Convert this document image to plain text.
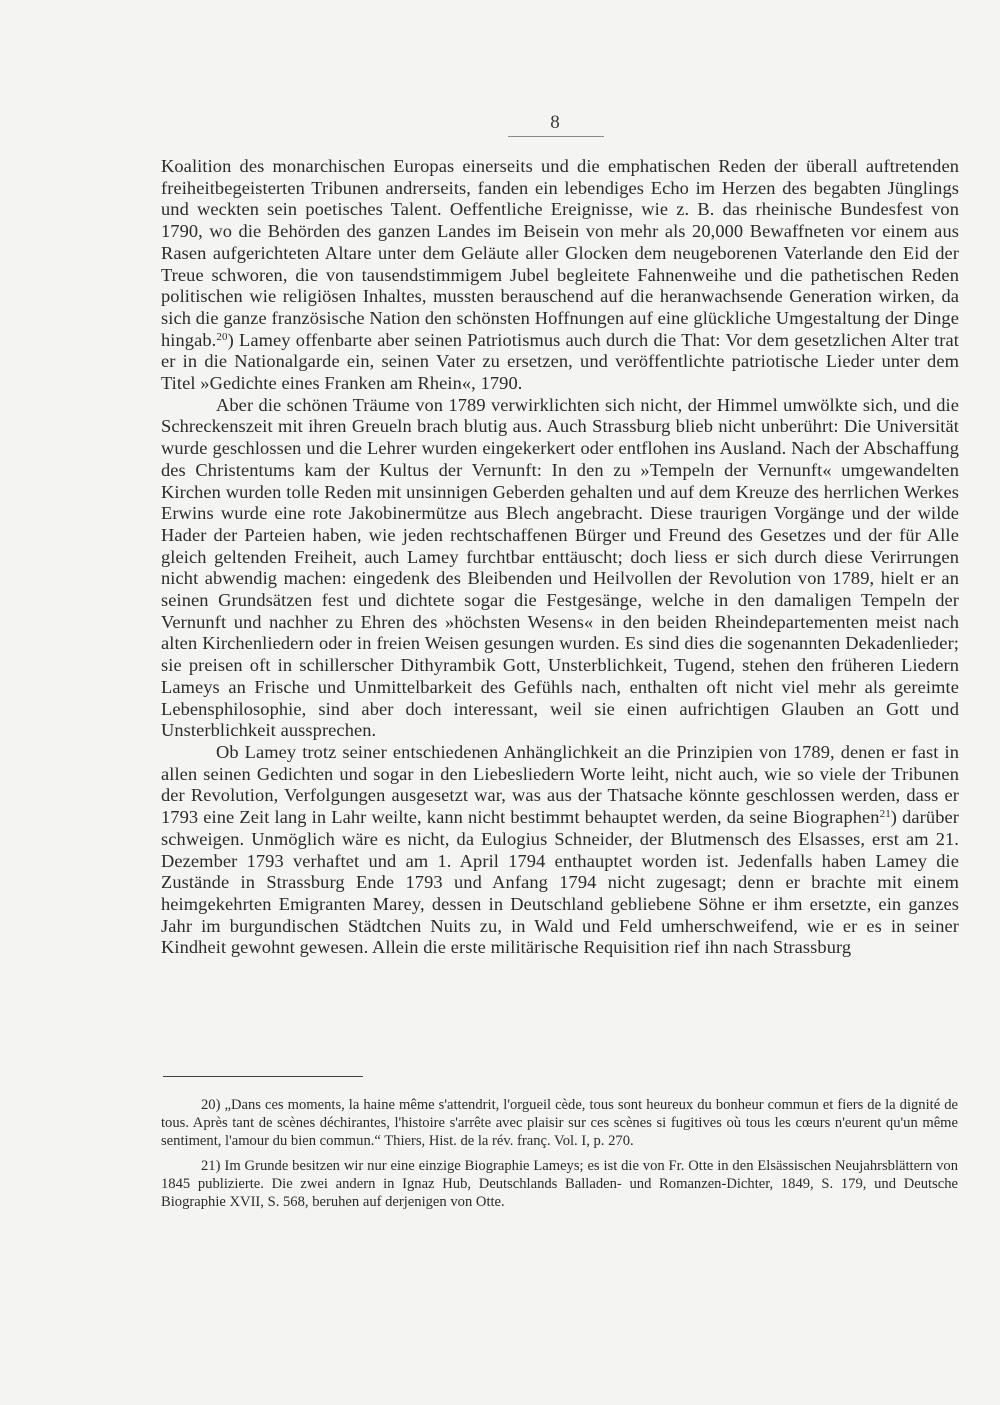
8

Koalition des monarchischen Europas einerseits und die emphatischen Reden der überall auftretenden freiheitbegeisterten Tribunen andrerseits, fanden ein lebendiges Echo im Herzen des begabten Jünglings und weckten sein poetisches Talent. Oeffentliche Ereignisse, wie z. B. das rheinische Bundesfest von 1790, wo die Behörden des ganzen Landes im Beisein von mehr als 20,000 Bewaffneten vor einem aus Rasen aufgerichteten Altare unter dem Geläute aller Glocken dem neugeborenen Vaterlande den Eid der Treue schworen, die von tausendstimmigem Jubel begleitete Fahnenweihe und die pathetischen Reden politischen wie religiösen Inhaltes, mussten berauschend auf die heranwachsende Generation wirken, da sich die ganze französische Nation den schönsten Hoffnungen auf eine glückliche Umgestaltung der Dinge hingab.$^{20}$) Lamey offenbarte aber seinen Patriotismus auch durch die That: Vor dem gesetzlichen Alter trat er in die Nationalgarde ein, seinen Vater zu ersetzen, und veröffentlichte patriotische Lieder unter dem Titel »Gedichte eines Franken am Rhein«, 1790.

Aber die schönen Träume von 1789 verwirklichten sich nicht, der Himmel umwölkte sich, und die Schreckenszeit mit ihren Greueln brach blutig aus. Auch Strassburg blieb nicht unberührt: Die Universität wurde geschlossen und die Lehrer wurden eingekerkert oder entflohen ins Ausland. Nach der Abschaffung des Christentums kam der Kultus der Vernunft: In den zu »Tempeln der Vernunft« umgewandelten Kirchen wurden tolle Reden mit unsinnigen Geberden gehalten und auf dem Kreuze des herrlichen Werkes Erwins wurde eine rote Jakobinermütze aus Blech angebracht. Diese traurigen Vorgänge und der wilde Hader der Parteien haben, wie jeden rechtschaffenen Bürger und Freund des Gesetzes und der für Alle gleich geltenden Freiheit, auch Lamey furchtbar enttäuscht; doch liess er sich durch diese Verirrungen nicht abwendig machen: eingedenk des Bleibenden und Heilvollen der Revolution von 1789, hielt er an seinen Grundsätzen fest und dichtete sogar die Festgesänge, welche in den damaligen Tempeln der Vernunft und nachher zu Ehren des »höchsten Wesens« in den beiden Rheindepartementen meist nach alten Kirchenliedern oder in freien Weisen gesungen wurden. Es sind dies die sogenannten Dekadenlieder; sie preisen oft in schillerscher Dithyrambik Gott, Unsterblichkeit, Tugend, stehen den früheren Liedern Lameys an Frische und Unmittelbarkeit des Gefühls nach, enthalten oft nicht viel mehr als gereimte Lebensphilosophie, sind aber doch interessant, weil sie einen aufrichtigen Glauben an Gott und Unsterblichkeit aussprechen.

Ob Lamey trotz seiner entschiedenen Anhänglichkeit an die Prinzipien von 1789, denen er fast in allen seinen Gedichten und sogar in den Liebesliedern Worte leiht, nicht auch, wie so viele der Tribunen der Revolution, Verfolgungen ausgesetzt war, was aus der Thatsache könnte geschlossen werden, dass er 1793 eine Zeit lang in Lahr weilte, kann nicht bestimmt behauptet werden, da seine Biographen$^{21}$) darüber schweigen. Unmöglich wäre es nicht, da Eulogius Schneider, der Blutmensch des Elsasses, erst am 21. Dezember 1793 verhaftet und am 1. April 1794 enthauptet worden ist. Jedenfalls haben Lamey die Zustände in Strassburg Ende 1793 und Anfang 1794 nicht zugesagt; denn er brachte mit einem heimgekehrten Emigranten Marey, dessen in Deutschland gebliebene Söhne er ihm ersetzte, ein ganzes Jahr im burgundischen Städtchen Nuits zu, in Wald und Feld umherschweifend, wie er es in seiner Kindheit gewohnt gewesen. Allein die erste militärische Requisition rief ihn nach Strassburg

20) „Dans ces moments, la haine même s'attendrit, l'orgueil cède, tous sont heureux du bonheur commun et fiers de la dignité de tous. Après tant de scènes déchirantes, l'histoire s'arrête avec plaisir sur ces scènes si fugitives où tous les cœurs n'eurent qu'un même sentiment, l'amour du bien commun.“ Thiers, Hist. de la rév. franç. Vol. I, p. 270.

21) Im Grunde besitzen wir nur eine einzige Biographie Lameys; es ist die von Fr. Otte in den Elsässischen Neujahrsblättern von 1845 publizierte. Die zwei andern in Ignaz Hub, Deutschlands Balladen- und Romanzen-Dichter, 1849, S. 179, und Deutsche Biographie XVII, S. 568, beruhen auf derjenigen von Otte.
